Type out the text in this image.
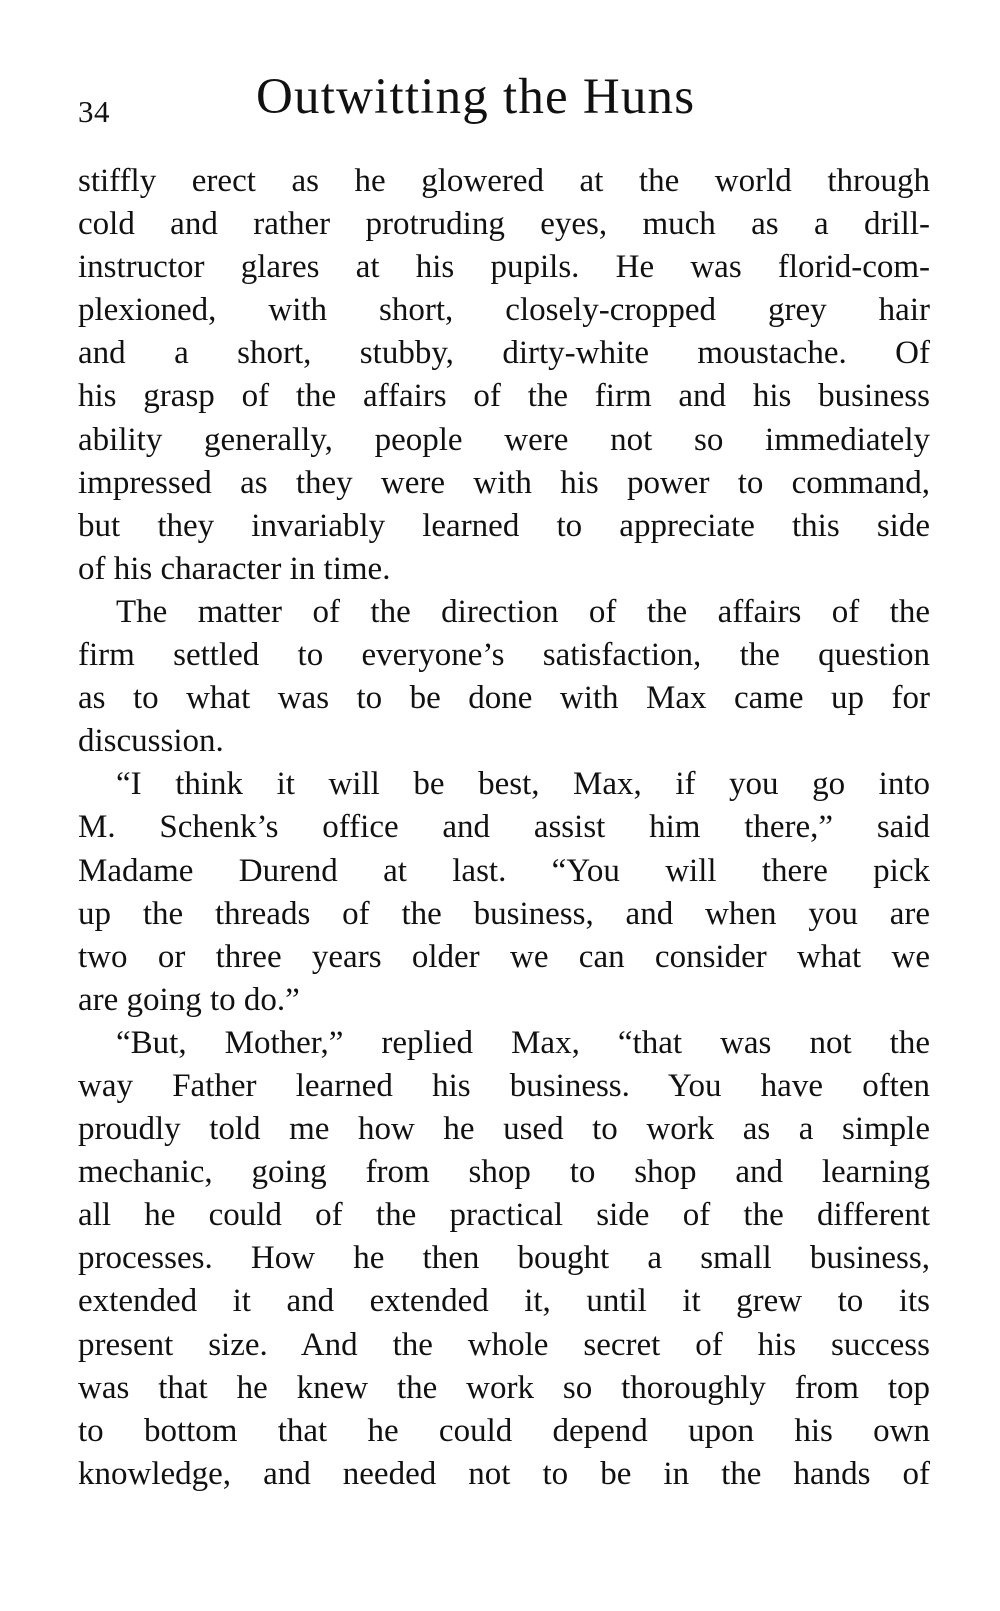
34	Outwitting the Huns
stiffly erect as he glowered at the world through
cold and rather protruding eyes, much as a drill-
instructor glares at his pupils. He was florid-com-
plexioned, with short, closely-cropped grey hair
and a short, stubby, dirty-white moustache. Of
his grasp of the affairs of the firm and his business
ability generally, people were not so immediately
impressed as they were with his power to command,
but they invariably learned to appreciate this side
of his character in time.
The matter of the direction of the affairs of the
firm settled to everyone’s satisfaction, the question
as to what was to be done with Max came up for
discussion.
“I think it will be best, Max, if you go into
M. Schenk’s office and assist him there,” said
Madame Durend at last. “You will there pick
up the threads of the business, and when you are
two or three years older we can consider what we
are going to do.”
“But, Mother,” replied Max, “that was not the
way Father learned his business. You have often
proudly told me how he used to work as a simple
mechanic, going from shop to shop and learning
all he could of the practical side of the different
processes. How he then bought a small business,
extended it and extended it, until it grew to its
present size. And the whole secret of his success
was that he knew the work so thoroughly from top
to bottom that he could depend upon his own
knowledge, and needed not to be in the hands of
